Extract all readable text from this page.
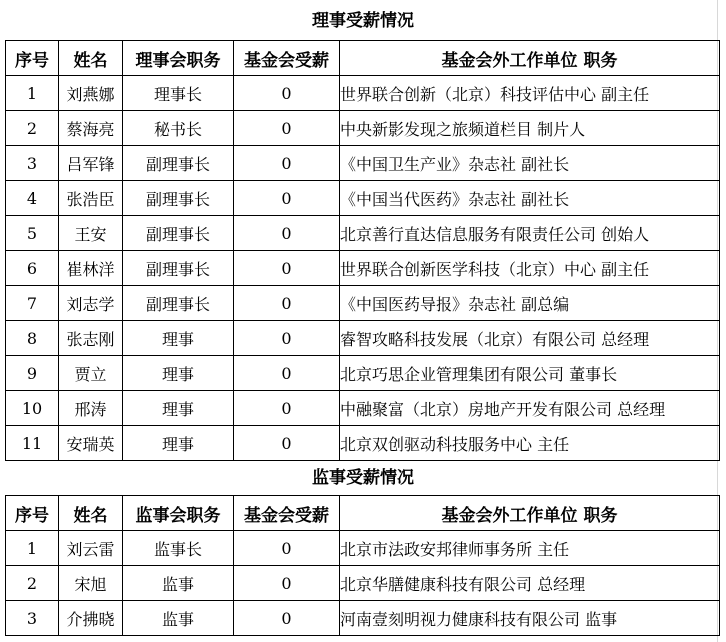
理事受薪情况
序号	姓名	理事会职务	基金会受薪	基金会外工作单位 职务
1	刘燕娜	理事长	0	世界联合创新（北京）科技评估中心 副主任
2	蔡海亮	秘书长	0	中央新影发现之旅频道栏目 制片人
3	吕军锋	副理事长	0	《中国卫生产业》杂志社 副社长
4	张浩臣	副理事长	0	《中国当代医药》杂志社 副社长
5	王安	副理事长	0	北京善行直达信息服务有限责任公司 创始人
6	崔林洋	副理事长	0	世界联合创新医学科技（北京）中心 副主任
7	刘志学	副理事长	0	《中国医药导报》杂志社 副总编
8	张志刚	理事	0	睿智攻略科技发展（北京）有限公司 总经理
9	贾立	理事	0	北京巧思企业管理集团有限公司 董事长
10	邢涛	理事	0	中融聚富（北京）房地产开发有限公司 总经理
11	安瑞英	理事	0	北京双创驱动科技服务中心 主任
监事受薪情况
序号	姓名	监事会职务	基金会受薪	基金会外工作单位 职务
1	刘云雷	监事长	0	北京市法政安邦律师事务所 主任
2	宋旭	监事	0	北京华膳健康科技有限公司 总经理
3	介拂晓	监事	0	河南壹刻明视力健康科技有限公司 监事
